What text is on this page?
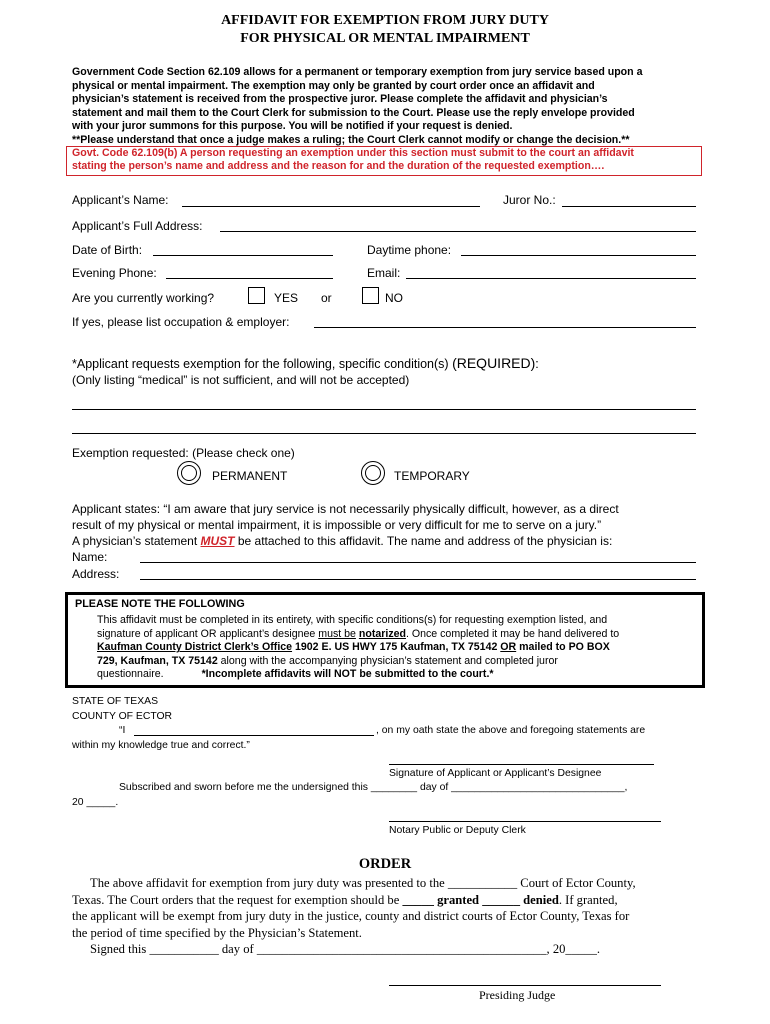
AFFIDAVIT FOR EXEMPTION FROM JURY DUTY
FOR PHYSICAL OR MENTAL IMPAIRMENT
Government Code Section 62.109 allows for a permanent or temporary exemption from jury service based upon a
physical or mental impairment. The exemption may only be granted by court order once an affidavit and
physician’s statement is received from the prospective juror. Please complete the affidavit and physician’s
statement and mail them to the Court Clerk for submission to the Court. Please use the reply envelope provided
with your juror summons for this purpose. You will be notified if your request is denied.
**Please understand that once a judge makes a ruling; the Court Clerk cannot modify or change the decision.**
Govt. Code 62.109(b) A person requesting an exemption under this section must submit to the court an affidavit
stating the person’s name and address and the reason for and the duration of the requested exemption….
Applicant’s Name:	Juror No.:
Applicant’s Full Address:
Date of Birth:	Daytime phone:
Evening Phone:	Email:
Are you currently working?	YES or	NO
If yes, please list occupation & employer:
*Applicant requests exemption for the following, specific condition(s) (REQUIRED):
(Only listing “medical” is not sufficient, and will not be accepted)
Exemption requested: (Please check one)
PERMANENT	TEMPORARY
Applicant states: “I am aware that jury service is not necessarily physically difficult, however, as a direct
result of my physical or mental impairment, it is impossible or very difficult for me to serve on a jury.”
A physician’s statement MUST be attached to this affidavit. The name and address of the physician is:
Name:
Address:
PLEASE NOTE THE FOLLOWING
This affidavit must be completed in its entirety, with specific conditions(s) for requesting exemption listed, and
signature of applicant OR applicant’s designee must be notarized. Once completed it may be hand delivered to
Kaufman County District Clerk’s Office 1902 E. US HWY 175 Kaufman, TX 75142 OR mailed to PO BOX
729, Kaufman, TX 75142 along with the accompanying physician’s statement and completed juror
questionnaire.	*Incomplete affidavits will NOT be submitted to the court.*
STATE OF TEXAS
COUNTY OF ECTOR
“I	, on my oath state the above and foregoing statements are
within my knowledge true and correct.”
Signature of Applicant or Applicant’s Designee
Subscribed and sworn before me the undersigned this ________ day of ______________________________,
20 _____.
Notary Public or Deputy Clerk
ORDER
The above affidavit for exemption from jury duty was presented to the ___________ Court of Ector County,
Texas. The Court orders that the request for exemption should be _____ granted ______ denied. If granted,
the applicant will be exempt from jury duty in the justice, county and district courts of Ector County, Texas for
the period of time specified by the Physician’s Statement.
Signed this ___________ day of ______________________________________________, 20_____.
Presiding Judge
